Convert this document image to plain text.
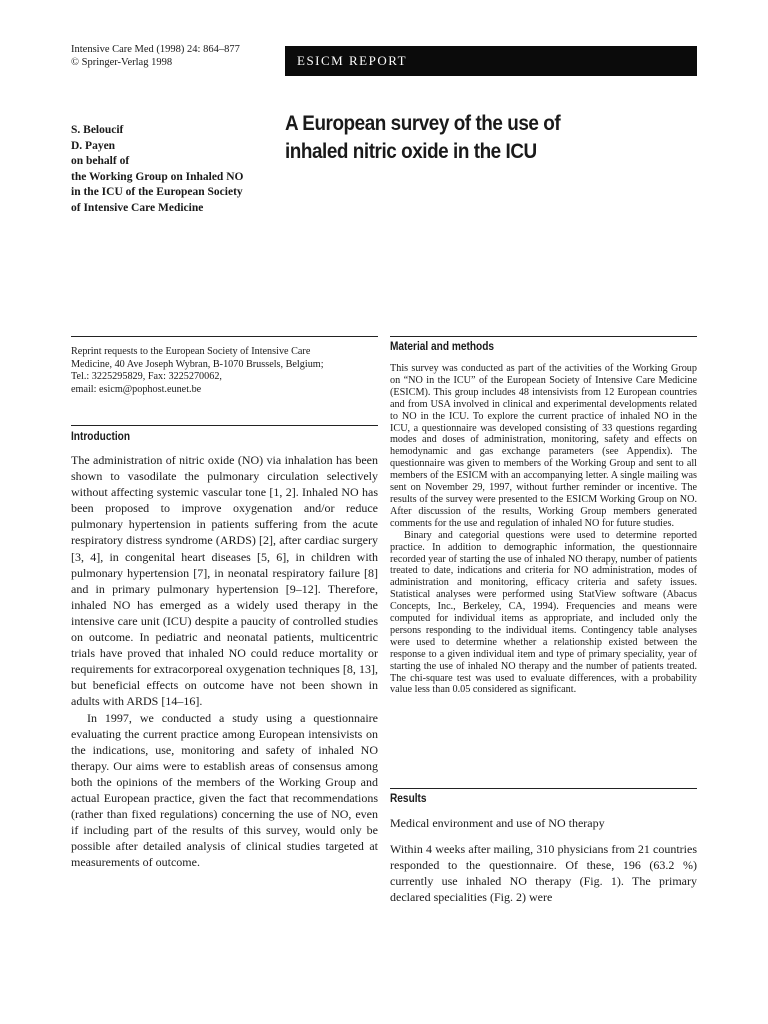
Intensive Care Med (1998) 24: 864–877
© Springer-Verlag 1998	ESICM REPORT
S. Beloucif
D. Payen
on behalf of
the Working Group on Inhaled NO
in the ICU of the European Society
of Intensive Care Medicine
A European survey of the use of
inhaled nitric oxide in the ICU
Reprint requests to the European Society of Intensive Care
Medicine, 40 Ave Joseph Wybran, B-1070 Brussels, Belgium;
Tel.: 3225295829, Fax: 3225270062,
email: esicm@pophost.eunet.be
Introduction

The administration of nitric oxide (NO) via inhalation has been shown to vasodilate the pulmonary circulation selectively without affecting systemic vascular tone [1, 2]. Inhaled NO has been proposed to improve oxygenation and/or reduce pulmonary hypertension in patients suffering from the acute respiratory distress syndrome (ARDS) [2], after cardiac surgery [3, 4], in congenital heart diseases [5, 6], in children with pulmonary hypertension [7], in neonatal respiratory failure [8] and in primary pulmonary hypertension [9–12]. Therefore, inhaled NO has emerged as a widely used therapy in the intensive care unit (ICU) despite a paucity of controlled studies on outcome. In pediatric and neonatal patients, multicentric trials have proved that inhaled NO could reduce mortality or requirements for extracorporeal oxygenation techniques [8, 13], but beneficial effects on outcome have not been shown in adults with ARDS [14–16].

In 1997, we conducted a study using a questionnaire evaluating the current practice among European intensivists on the indications, use, monitoring and safety of inhaled NO therapy. Our aims were to establish areas of consensus among both the opinions of the members of the Working Group and actual European practice, given the fact that recommendations (rather than fixed regulations) concerning the use of NO, even if including part of the results of this survey, would only be possible after detailed analysis of clinical studies targeted at measurements of outcome.

Material and methods

This survey was conducted as part of the activities of the Working Group on “NO in the ICU” of the European Society of Intensive Care Medicine (ESICM). This group includes 48 intensivists from 12 European countries and from USA involved in clinical and experimental developments related to NO in the ICU. To explore the current practice of inhaled NO in the ICU, a questionnaire was developed consisting of 33 questions regarding modes and doses of administration, monitoring, safety and effects on hemodynamic and gas exchange parameters (see Appendix). The questionnaire was given to members of the Working Group and sent to all members of the ESICM with an accompanying letter. A single mailing was sent on November 29, 1997, without further reminder or incentive. The results of the survey were presented to the ESICM Working Group on NO. After discussion of the results, Working Group members generated comments for the use and regulation of inhaled NO for future studies.

Binary and categorial questions were used to determine reported practice. In addition to demographic information, the questionnaire recorded year of starting the use of inhaled NO therapy, number of patients treated to date, indications and criteria for NO administration, modes of administration and monitoring, efficacy criteria and safety issues. Statistical analyses were performed using StatView software (Abacus Concepts, Inc., Berkeley, CA, 1994). Frequencies and means were computed for individual items as appropriate, and included only the persons responding to the individual items. Contingency table analyses were used to determine whether a relationship existed between the response to a given individual item and type of primary speciality, year of starting the use of inhaled NO therapy and the number of patients treated. The chi-square test was used to evaluate differences, with a probability value less than 0.05 considered as significant.

Results
Medical environment and use of NO therapy

Within 4 weeks after mailing, 310 physicians from 21 countries responded to the questionnaire. Of these, 196 (63.2 %) currently use inhaled NO therapy (Fig. 1). The primary declared specialities (Fig. 2) were
